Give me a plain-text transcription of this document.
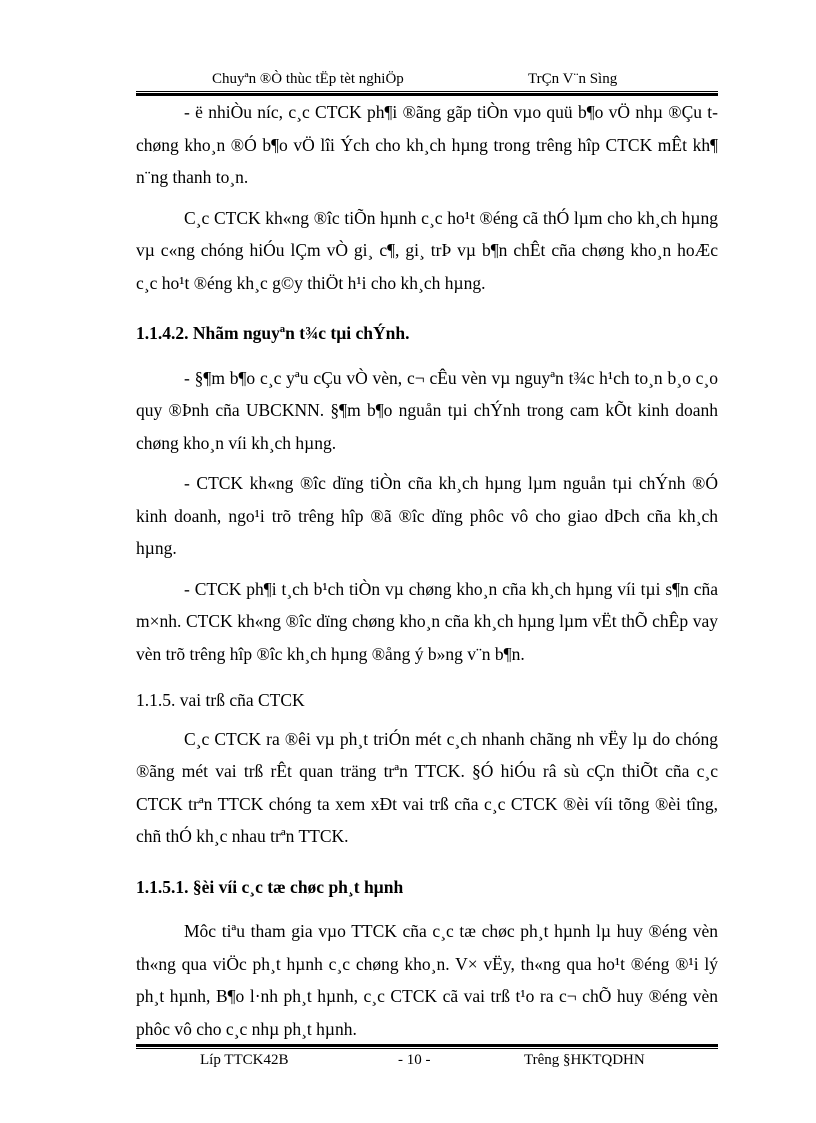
Chuyªn ®Ò thùc tËp tèt nghiÖp	TrÇn V¨n Sìng

- ë nhiÒu níc, c¸c CTCK ph¶i ®ãng gãp tiÒn vµo quü b¶o vÖ nhµ ®Çu t chøng kho¸n ®Ó b¶o vÖ lîi Ých cho kh¸ch hµng trong trêng hîp CTCK mÊt kh¶ n¨ng thanh to¸n.

C¸c CTCK kh«ng ®îc tiÕn hµnh c¸c ho¹t ®éng cã thÓ lµm cho kh¸ch hµng vµ c«ng chóng hiÓu lÇm vÒ gi¸ c¶, gi¸ trÞ vµ b¶n chÊt cña chøng kho¸n hoÆc c¸c ho¹t ®éng kh¸c g©y thiÖt h¹i cho kh¸ch hµng.

1.1.4.2. Nhãm nguyªn t¾c tµi chÝnh.

- §¶m b¶o c¸c yªu cÇu vÒ vèn, c¬ cÊu vèn vµ nguyªn t¾c h¹ch to¸n b¸o c¸o quy ®Þnh cña UBCKNN. §¶m b¶o nguån tµi chÝnh trong cam kÕt kinh doanh chøng kho¸n víi kh¸ch hµng.

- CTCK kh«ng ®îc dïng tiÒn cña kh¸ch hµng lµm nguån tµi chÝnh ®Ó kinh doanh, ngo¹i trõ trêng hîp ®ã ®îc dïng phôc vô cho giao dÞch cña kh¸ch hµng.

- CTCK ph¶i t¸ch b¹ch tiÒn vµ chøng kho¸n cña kh¸ch hµng víi tµi s¶n cña m×nh. CTCK kh«ng ®îc dïng chøng kho¸n cña kh¸ch hµng lµm vËt thÕ chÊp vay vèn trõ trêng hîp ®îc kh¸ch hµng ®ång ý b»ng v¨n b¶n.

1.1.5. vai trß cña CTCK

C¸c CTCK ra ®êi vµ ph¸t triÓn mét c¸ch nhanh chãng nh vËy lµ do chóng ®ãng mét vai trß rÊt quan träng trªn TTCK. §Ó hiÓu râ sù cÇn thiÕt cña c¸c CTCK trªn TTCK chóng ta xem xÐt vai trß cña c¸c CTCK ®èi víi tõng ®èi tîng, chñ thÓ kh¸c nhau trªn TTCK.

1.1.5.1. §èi víi c¸c tæ chøc ph¸t hµnh

Môc tiªu tham gia vµo TTCK cña c¸c tæ chøc ph¸t hµnh lµ huy ®éng vèn th«ng qua viÖc ph¸t hµnh c¸c chøng kho¸n. V× vËy, th«ng qua ho¹t ®éng ®¹i lý ph¸t hµnh, B¶o l·nh ph¸t hµnh, c¸c CTCK cã vai trß t¹o ra c¬ chÕ huy ®éng vèn phôc vô cho c¸c nhµ ph¸t hµnh.

Líp TTCK42B	- 10 -	Trêng §HKTQDHN
